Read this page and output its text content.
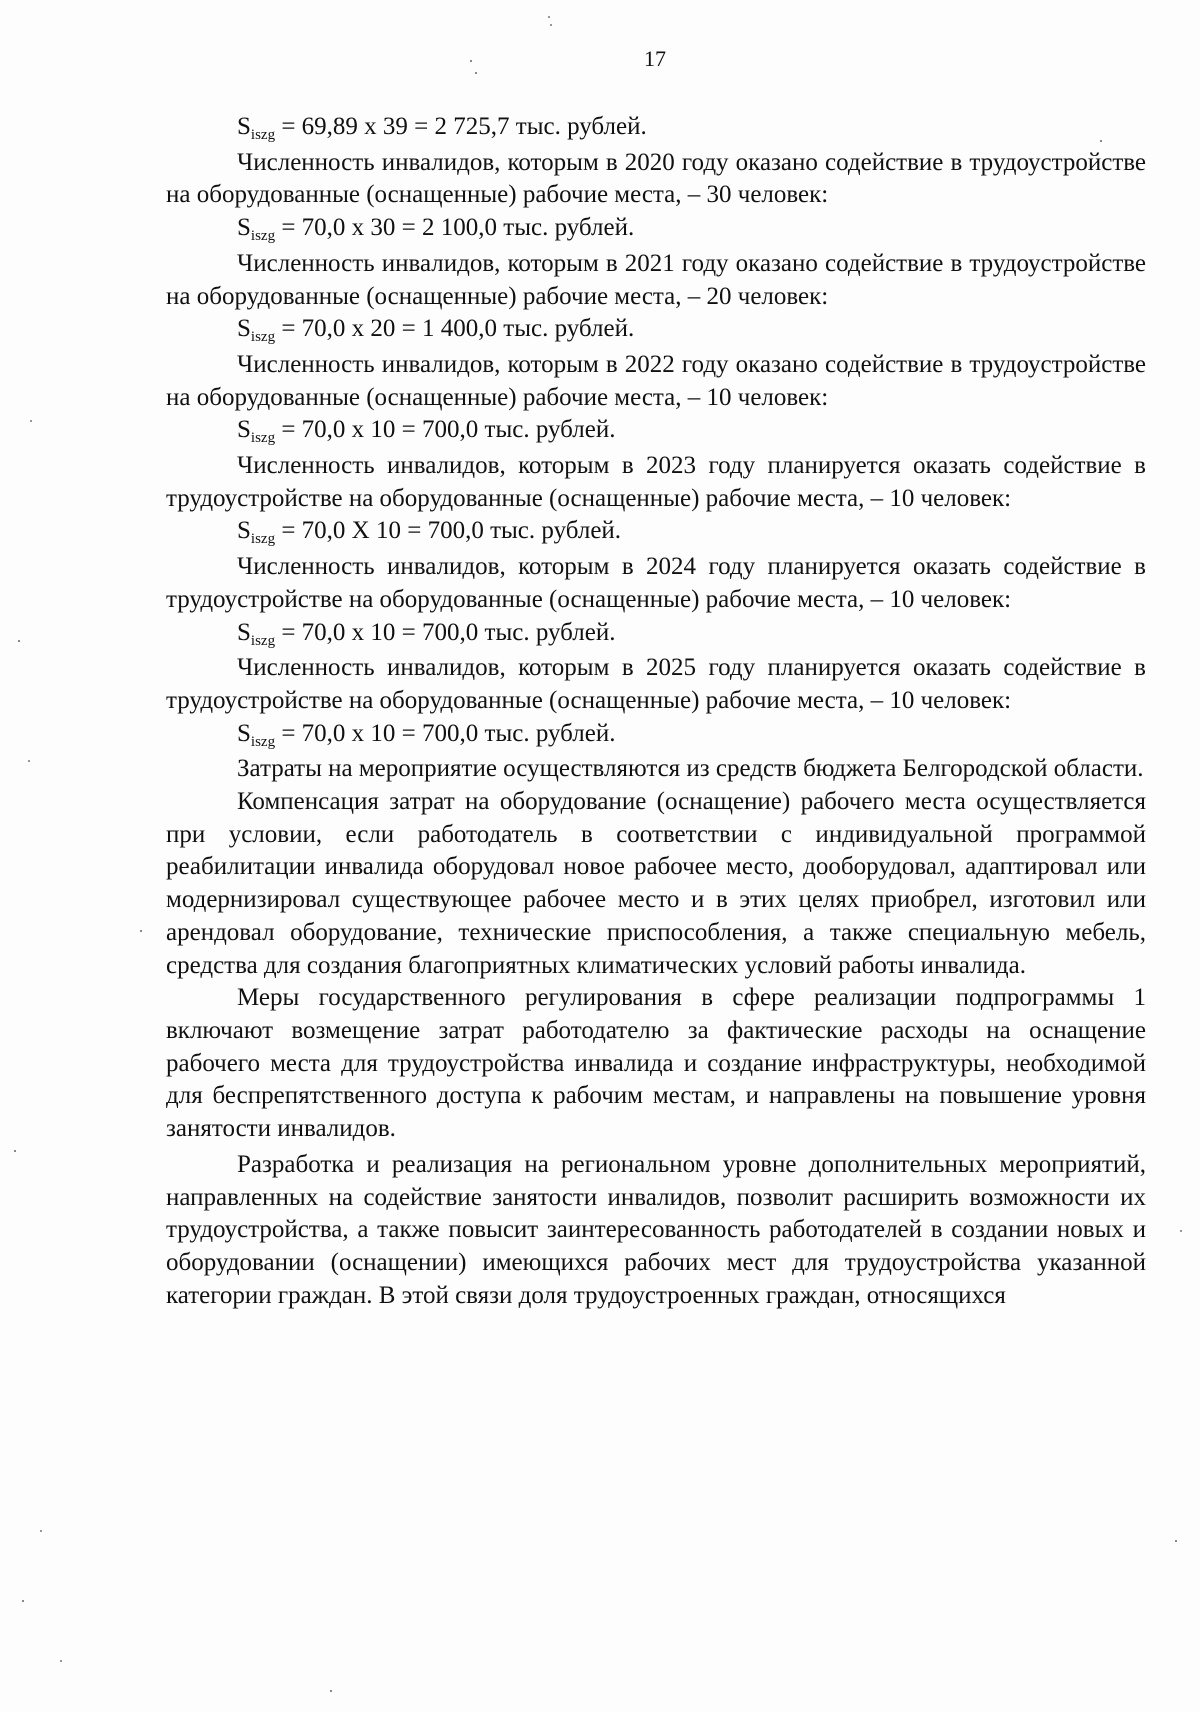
17

$S_{iszg} = 69,89$ x 39 = 2 725,7 тыс. рублей.

Численность инвалидов, которым в 2020 году оказано содействие в трудоустройстве на оборудованные (оснащенные) рабочие места, – 30 человек:

$S_{iszg} = 70,0$ x 30 = 2 100,0 тыс. рублей.

Численность инвалидов, которым в 2021 году оказано содействие в трудоустройстве на оборудованные (оснащенные) рабочие места, – 20 человек:

$S_{iszg} = 70,0$ x 20 = 1 400,0 тыс. рублей.

Численность инвалидов, которым в 2022 году оказано содействие в трудоустройстве на оборудованные (оснащенные) рабочие места, – 10 человек:

$S_{iszg} = 70,0$ x 10 = 700,0 тыс. рублей.

Численность инвалидов, которым в 2023 году планируется оказать содействие в трудоустройстве на оборудованные (оснащенные) рабочие места, – 10 человек:

$S_{iszg} = 70,0$ X 10 = 700,0 тыс. рублей.

Численность инвалидов, которым в 2024 году планируется оказать содействие в трудоустройстве на оборудованные (оснащенные) рабочие места, – 10 человек:

$S_{iszg} = 70,0$ x 10 = 700,0 тыс. рублей.

Численность инвалидов, которым в 2025 году планируется оказать содействие в трудоустройстве на оборудованные (оснащенные) рабочие места, – 10 человек:

$S_{iszg} = 70,0$ x 10 = 700,0 тыс. рублей.

Затраты на мероприятие осуществляются из средств бюджета Белгородской области.

Компенсация затрат на оборудование (оснащение) рабочего места осуществляется при условии, если работодатель в соответствии с индивидуальной программой реабилитации инвалида оборудовал новое рабочее место, дооборудовал, адаптировал или модернизировал существующее рабочее место и в этих целях приобрел, изготовил или арендовал оборудование, технические приспособления, а также специальную мебель, средства для создания благоприятных климатических условий работы инвалида.

Меры государственного регулирования в сфере реализации подпрограммы 1 включают возмещение затрат работодателю за фактические расходы на оснащение рабочего места для трудоустройства инвалида и создание инфраструктуры, необходимой для беспрепятственного доступа к рабочим местам, и направлены на повышение уровня занятости инвалидов.

Разработка и реализация на региональном уровне дополнительных мероприятий, направленных на содействие занятости инвалидов, позволит расширить возможности их трудоустройства, а также повысит заинтересованность работодателей в создании новых и оборудовании (оснащении) имеющихся рабочих мест для трудоустройства указанной категории граждан. В этой связи доля трудоустроенных граждан, относящихся
